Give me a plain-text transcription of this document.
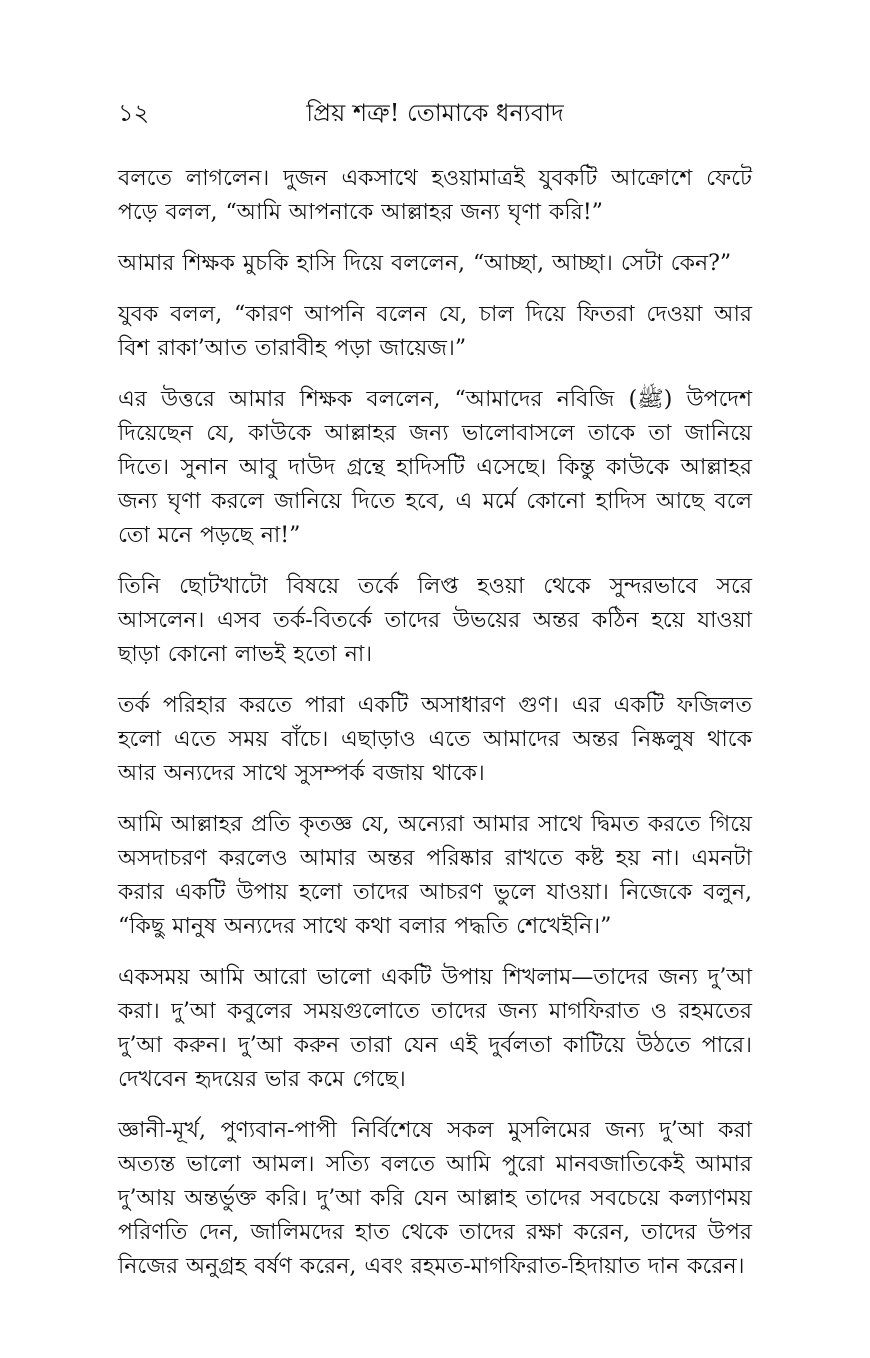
১২	প্রিয় শত্রু! তোমাকে ধন্যবাদ

বলতে লাগলেন। দুজন একসাথে হওয়ামাত্রই যুবকটি আক্রোশে ফেটে পড়ে বলল, “আমি আপনাকে আল্লাহর জন্য ঘৃণা করি!”

আমার শিক্ষক মুচকি হাসি দিয়ে বললেন, “আচ্ছা, আচ্ছা। সেটা কেন?”

যুবক বলল, “কারণ আপনি বলেন যে, চাল দিয়ে ফিতরা দেওয়া আর বিশ রাকা’আত তারাবীহ পড়া জায়েজ।”

এর উত্তরে আমার শিক্ষক বললেন, “আমাদের নবিজি (ﷺ) উপদেশ দিয়েছেন যে, কাউকে আল্লাহর জন্য ভালোবাসলে তাকে তা জানিয়ে দিতে। সুনান আবু দাউদ গ্রন্থে হাদিসটি এসেছে। কিন্তু কাউকে আল্লাহর জন্য ঘৃণা করলে জানিয়ে দিতে হবে, এ মর্মে কোনো হাদিস আছে বলে তো মনে পড়ছে না!”

তিনি ছোটখাটো বিষয়ে তর্কে লিপ্ত হওয়া থেকে সুন্দরভাবে সরে আসলেন। এসব তর্ক-বিতর্কে তাদের উভয়ের অন্তর কঠিন হয়ে যাওয়া ছাড়া কোনো লাভই হতো না।

তর্ক পরিহার করতে পারা একটি অসাধারণ গুণ। এর একটি ফজিলত হলো এতে সময় বাঁচে। এছাড়াও এতে আমাদের অন্তর নিষ্কলুষ থাকে আর অন্যদের সাথে সুসম্পর্ক বজায় থাকে।

আমি আল্লাহর প্রতি কৃতজ্ঞ যে, অন্যেরা আমার সাথে দ্বিমত করতে গিয়ে অসদাচরণ করলেও আমার অন্তর পরিষ্কার রাখতে কষ্ট হয় না। এমনটা করার একটি উপায় হলো তাদের আচরণ ভুলে যাওয়া। নিজেকে বলুন, “কিছু মানুষ অন্যদের সাথে কথা বলার পদ্ধতি শেখেইনি।”

একসময় আমি আরো ভালো একটি উপায় শিখলাম—তাদের জন্য দু’আ করা। দু’আ কবুলের সময়গুলোতে তাদের জন্য মাগফিরাত ও রহমতের দু’আ করুন। দু’আ করুন তারা যেন এই দুর্বলতা কাটিয়ে উঠতে পারে। দেখবেন হৃদয়ের ভার কমে গেছে।

জ্ঞানী-মূর্খ, পুণ্যবান-পাপী নির্বিশেষে সকল মুসলিমের জন্য দু’আ করা অত্যন্ত ভালো আমল। সত্যি বলতে আমি পুরো মানবজাতিকেই আমার দু’আয় অন্তর্ভুক্ত করি। দু’আ করি যেন আল্লাহ তাদের সবচেয়ে কল্যাণময় পরিণতি দেন, জালিমদের হাত থেকে তাদের রক্ষা করেন, তাদের উপর নিজের অনুগ্রহ বর্ষণ করেন, এবং রহমত-মাগফিরাত-হিদায়াত দান করেন।
